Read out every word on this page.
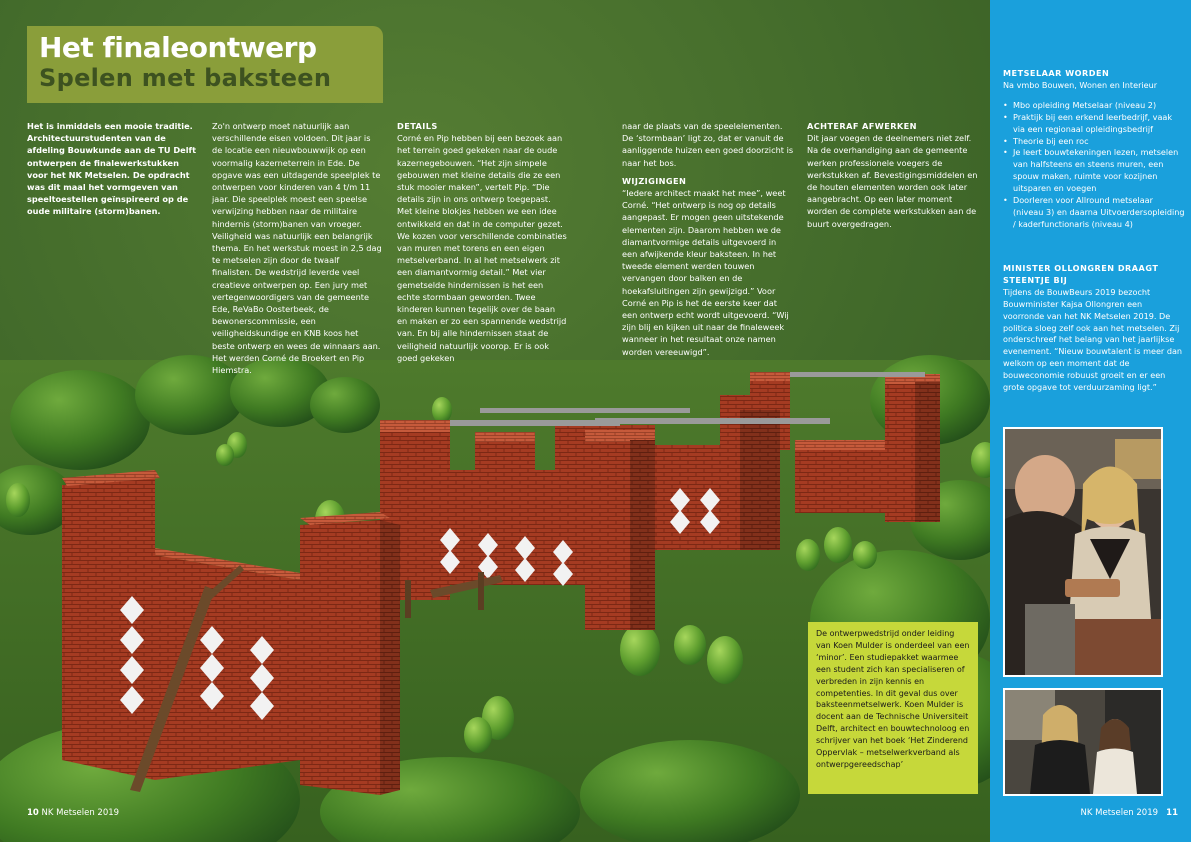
Het finaleontwerp
Spelen met baksteen

Het is inmiddels een mooie traditie. Architectuurstudenten van de afdeling Bouwkunde aan de TU Delft ontwerpen de finalewerkstukken voor het NK Metselen. De opdracht was dit maal het vormgeven van speeltoestellen geïnspireerd op de oude militaire (storm)banen.

Zo'n ontwerp moet natuurlijk aan verschillende eisen voldoen. Dit jaar is de locatie een nieuwbouwwijk op een voormalig kazerneterrein in Ede. De opgave was een uitdagende speelplek te ontwerpen voor kinderen van 4 t/m 11 jaar. Die speelplek moest een speelse verwijzing hebben naar de militaire hindernis (storm)banen van vroeger. Veiligheid was natuurlijk een belangrijk thema. En het werkstuk moest in 2,5 dag te metselen zijn door de twaalf finalisten. De wedstrijd leverde veel creatieve ontwerpen op. Een jury met vertegenwoordigers van de gemeente Ede, ReVaBo Oosterbeek, de bewonerscommissie, een veiligheidskundige en KNB koos het beste ontwerp en wees de winnaars aan. Het werden Corné de Broekert en Pip Hiemstra.

DETAILS

Corné en Pip hebben bij een bezoek aan het terrein goed gekeken naar de oude kazernegebouwen. “Het zijn simpele gebouwen met kleine details die ze een stuk mooier maken”, vertelt Pip. “Die details zijn in ons ontwerp toegepast. Met kleine blokjes hebben we een idee ontwikkeld en dat in de computer gezet. We kozen voor verschillende combinaties van muren met torens en een eigen metselverband. In al het metselwerk zit een diamantvormig detail.” Met vier gemetselde hindernissen is het een echte stormbaan geworden. Twee kinderen kunnen tegelijk over de baan en maken er zo een spannende wedstrijd van. En bij alle hindernissen staat de veiligheid natuurlijk voorop. Er is ook goed gekeken

naar de plaats van de speelelementen. De ‘stormbaan’ ligt zo, dat er vanuit de aanliggende huizen een goed doorzicht is naar het bos.

WIJZIGINGEN

“Iedere architect maakt het mee”, weet Corné. “Het ontwerp is nog op details aangepast. Er mogen geen uitstekende elementen zijn. Daarom hebben we de diamantvormige details uitgevoerd in een afwijkende kleur baksteen. In het tweede element werden touwen vervangen door balken en de hoekafsluitingen zijn gewijzigd.” Voor Corné en Pip is het de eerste keer dat een ontwerp echt wordt uitgevoerd. “Wij zijn blij en kijken uit naar de finaleweek wanneer in het resultaat onze namen worden vereeuwigd”.

ACHTERAF AFWERKEN

Dit jaar voegen de deelnemers niet zelf. Na de overhandiging aan de gemeente werken professionele voegers de werkstukken af. Bevestigingsmiddelen en de houten elementen worden ook later aangebracht. Op een later moment worden de complete werkstukken aan de buurt overgedragen.

De ontwerpwedstrijd onder leiding van Koen Mulder is onderdeel van een ‘minor’. Een studiepakket waarmee een student zich kan specialiseren of verbreden in zijn kennis en competenties. In dit geval dus over baksteenmetselwerk. Koen Mulder is docent aan de Technische Universiteit Delft, architect en bouwtechnoloog en schrijver van het boek ‘Het Zinderend Oppervlak – metselwerkverband als ontwerpgereedschap’
10 NK Metselen 2019
METSELAAR WORDEN
Na vmbo Bouwen, Wonen en Interieur
• Mbo opleiding Metselaar (niveau 2)
• Praktijk bij een erkend leerbedrijf, vaak via een regionaal opleidingsbedrijf
• Theorie bij een roc
• Je leert bouwtekeningen lezen, metselen van halfsteens en steens muren, een spouw maken, ruimte voor kozijnen uitsparen en voegen
• Doorleren voor Allround metselaar (niveau 3) en daarna Uitvoerdersopleiding / kaderfunctionaris (niveau 4)
MINISTER OLLONGREN DRAAGT STEENTJE BIJ
Tijdens de BouwBeurs 2019 bezocht Bouwminister Kajsa Ollongren een voorronde van het NK Metselen 2019. De politica sloeg zelf ook aan het metselen. Zij onderschreef het belang van het jaarlijkse evenement. “Nieuw bouwtalent is meer dan welkom op een moment dat de bouweconomie robuust groeit en er een grote opgave tot verduurzaming ligt.”
NK Metselen 2019 11
